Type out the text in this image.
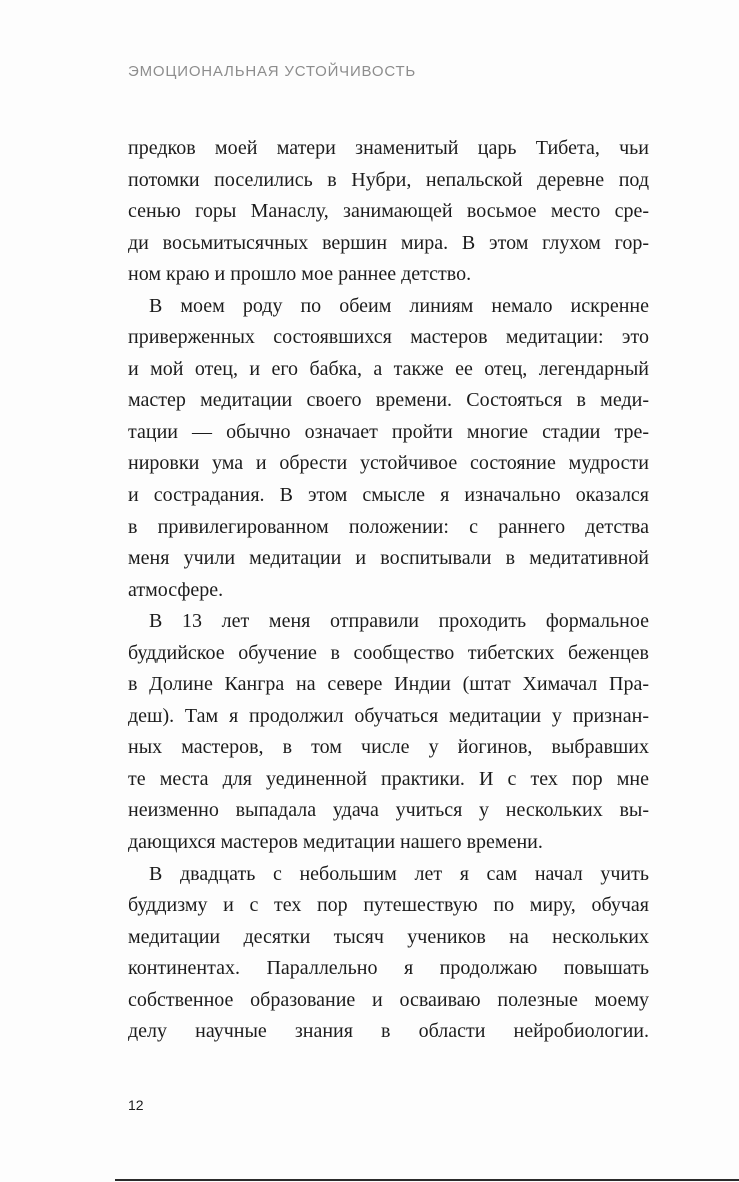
ЭМОЦИОНАЛЬНАЯ УСТОЙЧИВОСТЬ
предков моей матери знаменитый царь Тибета, чьи
потомки поселились в Нубри, непальской деревне под
сенью горы Манаслу, занимающей восьмое место сре-
ди восьмитысячных вершин мира. В этом глухом гор-
ном краю и прошло мое раннее детство.
В моем роду по обеим линиям немало искренне
приверженных состоявшихся мастеров медитации: это
и мой отец, и его бабка, а также ее отец, легендарный
мастер медитации своего времени. Состояться в меди-
тации — обычно означает пройти многие стадии тре-
нировки ума и обрести устойчивое состояние мудрости
и сострадания. В этом смысле я изначально оказался
в привилегированном положении: с раннего детства
меня учили медитации и воспитывали в медитативной
атмосфере.
В 13 лет меня отправили проходить формальное
буддийское обучение в сообщество тибетских беженцев
в Долине Кангра на севере Индии (штат Химачал Пра-
деш). Там я продолжил обучаться медитации у признан-
ных мастеров, в том числе у йогинов, выбравших
те места для уединенной практики. И с тех пор мне
неизменно выпадала удача учиться у нескольких вы-
дающихся мастеров медитации нашего времени.
В двадцать с небольшим лет я сам начал учить
буддизму и с тех пор путешествую по миру, обучая
медитации десятки тысяч учеников на нескольких
континентах. Параллельно я продолжаю повышать
собственное образование и осваиваю полезные моему
делу научные знания в области нейробиологии.
12
